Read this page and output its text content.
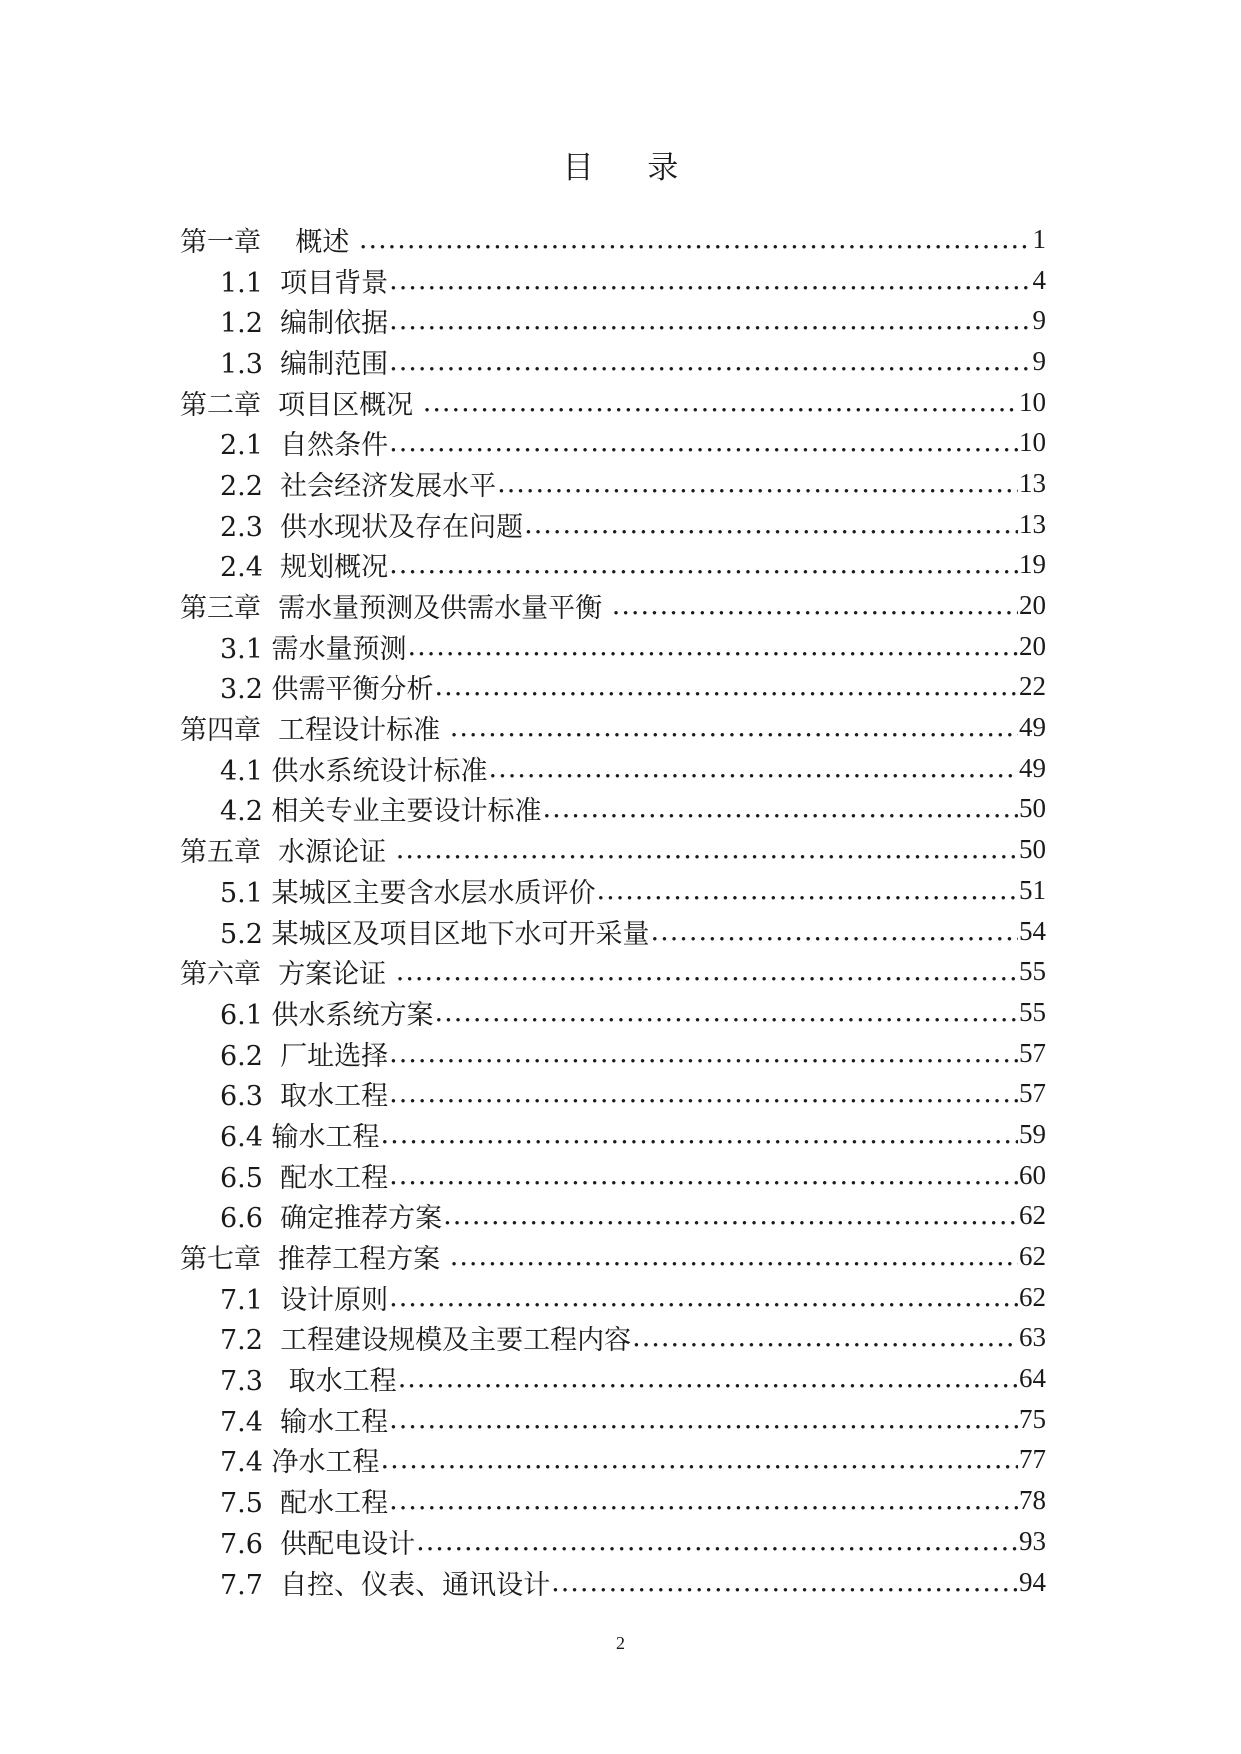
目 录
第一章    概述 .....	1
1.1  项目背景 .....	4
1.2  编制依据 .....	9
1.3  编制范围 .....	9
第二章  项目区概况 .....	10
2.1  自然条件 .....	10
2.2  社会经济发展水平 .....	13
2.3  供水现状及存在问题 .....	13
2.4  规划概况 .....	19
第三章  需水量预测及供需水量平衡 .....	20
3.1 需水量预测 .....	20
3.2 供需平衡分析 .....	22
第四章  工程设计标准 .....	49
4.1 供水系统设计标准 .....	49
4.2 相关专业主要设计标准 .....	50
第五章  水源论证 .....	50
5.1 某城区主要含水层水质评价 .....	51
5.2 某城区及项目区地下水可开采量 .....	54
第六章  方案论证 .....	55
6.1 供水系统方案 .....	55
6.2  厂址选择 .....	57
6.3  取水工程 .....	57
6.4 输水工程 .....	59
6.5  配水工程 .....	60
6.6  确定推荐方案 .....	62
第七章  推荐工程方案 .....	62
7.1  设计原则 .....	62
7.2  工程建设规模及主要工程内容 .....	63
7.3   取水工程 .....	64
7.4  输水工程 .....	75
7.4 净水工程 .....	77
7.5  配水工程 .....	78
7.6  供配电设计 .....	93
7.7  自控、仪表、通讯设计 .....	94
2
